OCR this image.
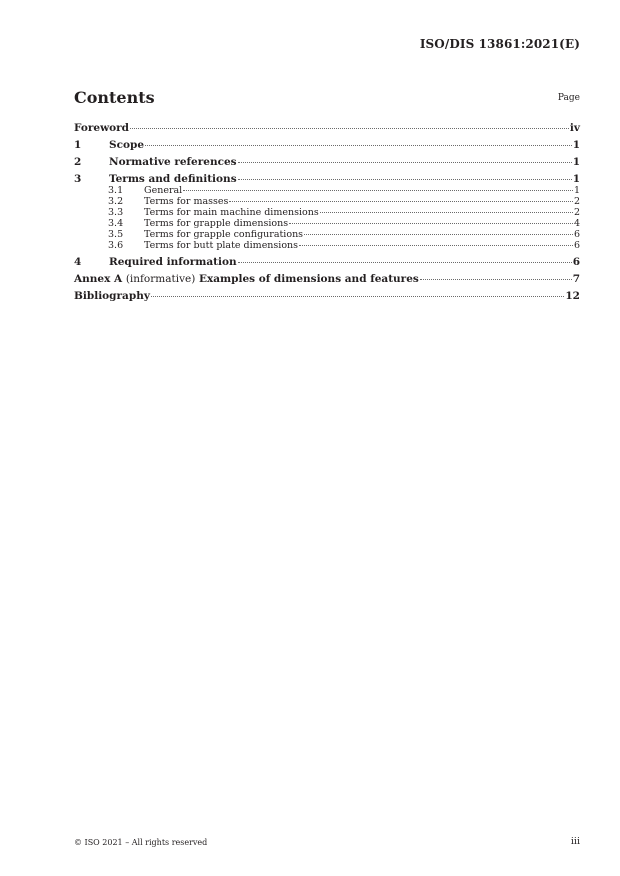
ISO/DIS 13861:2021(E)
Contents	Page
Foreword	iv
1	Scope	1
2	Normative references	1
3	Terms and definitions	1
3.1	General	1
3.2	Terms for masses	2
3.3	Terms for main machine dimensions	2
3.4	Terms for grapple dimensions	4
3.5	Terms for grapple configurations	6
3.6	Terms for butt plate dimensions	6
4	Required information	6
Annex A (informative) Examples of dimensions and features	7
Bibliography	12
© ISO 2021 – All rights reserved	iii
